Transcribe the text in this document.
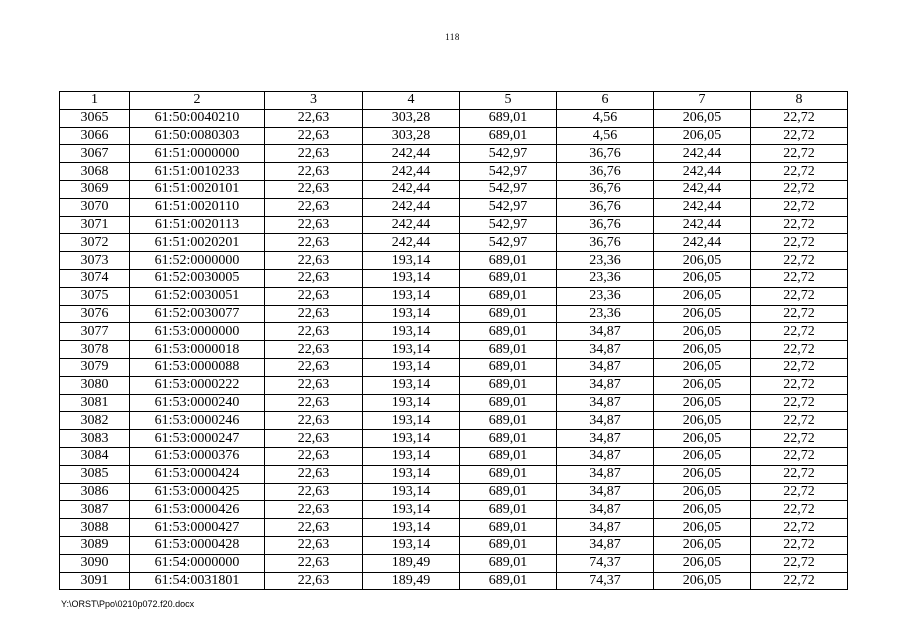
118
1	2	3	4	5	6	7	8
3065	61:50:0040210	22,63	303,28	689,01	4,56	206,05	22,72
3066	61:50:0080303	22,63	303,28	689,01	4,56	206,05	22,72
3067	61:51:0000000	22,63	242,44	542,97	36,76	242,44	22,72
3068	61:51:0010233	22,63	242,44	542,97	36,76	242,44	22,72
3069	61:51:0020101	22,63	242,44	542,97	36,76	242,44	22,72
3070	61:51:0020110	22,63	242,44	542,97	36,76	242,44	22,72
3071	61:51:0020113	22,63	242,44	542,97	36,76	242,44	22,72
3072	61:51:0020201	22,63	242,44	542,97	36,76	242,44	22,72
3073	61:52:0000000	22,63	193,14	689,01	23,36	206,05	22,72
3074	61:52:0030005	22,63	193,14	689,01	23,36	206,05	22,72
3075	61:52:0030051	22,63	193,14	689,01	23,36	206,05	22,72
3076	61:52:0030077	22,63	193,14	689,01	23,36	206,05	22,72
3077	61:53:0000000	22,63	193,14	689,01	34,87	206,05	22,72
3078	61:53:0000018	22,63	193,14	689,01	34,87	206,05	22,72
3079	61:53:0000088	22,63	193,14	689,01	34,87	206,05	22,72
3080	61:53:0000222	22,63	193,14	689,01	34,87	206,05	22,72
3081	61:53:0000240	22,63	193,14	689,01	34,87	206,05	22,72
3082	61:53:0000246	22,63	193,14	689,01	34,87	206,05	22,72
3083	61:53:0000247	22,63	193,14	689,01	34,87	206,05	22,72
3084	61:53:0000376	22,63	193,14	689,01	34,87	206,05	22,72
3085	61:53:0000424	22,63	193,14	689,01	34,87	206,05	22,72
3086	61:53:0000425	22,63	193,14	689,01	34,87	206,05	22,72
3087	61:53:0000426	22,63	193,14	689,01	34,87	206,05	22,72
3088	61:53:0000427	22,63	193,14	689,01	34,87	206,05	22,72
3089	61:53:0000428	22,63	193,14	689,01	34,87	206,05	22,72
3090	61:54:0000000	22,63	189,49	689,01	74,37	206,05	22,72
3091	61:54:0031801	22,63	189,49	689,01	74,37	206,05	22,72
Y:\ORST\Ppo\0210p072.f20.docx
